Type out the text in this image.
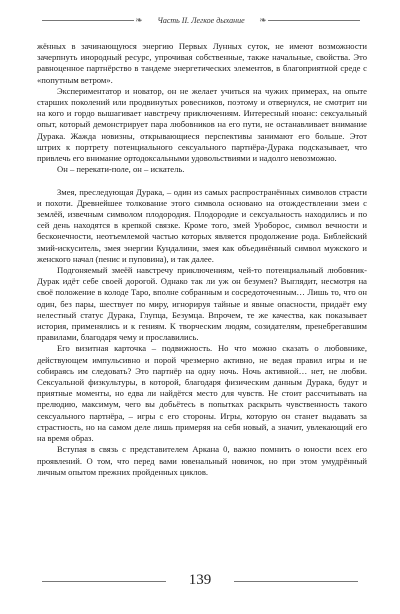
❧	Часть II. Легкое дыхание	❧

жённых в зачинающуюся энергию Первых Лунных суток, не имеют возможности зачерпнуть инородный ресурс, упрочивая собственные, также начальные, свойства. Это равноценное партнёрство в тандеме энергетических элементов, в благоприятной среде с «попутным ветром».

Экспериментатор и новатор, он не желает учиться на чужих примерах, на опыте старших поколений или продвинутых ровесников, поэтому и отвернулся, не смотрит ни на кого и гордо вышагивает навстречу приключениям. Интересный нюанс: сексуальный опыт, который демонстрирует пара любовников на его пути, не останавливает внимание Дурака. Жажда новизны, открывающиеся перспективы занимают его больше. Этот штрих к портрету потенциального сексуального партнёра-Дурака подсказывает, что привлечь его внимание ортодоксальными удовольствиями и надолго невозможно.

Он – перекати-поле, он – искатель.

Змея, преследующая Дурака, – один из самых распространённых символов страсти и похоти. Древнейшее толкование этого символа основано на отождествлении змеи с землёй, извечным символом плодородия. Плодородие и сексуальность находились и по сей день находятся в крепкой связке. Кроме того, змей Уроборос, символ вечности и бесконечности, неотъемлемой частью которых является продолжение рода. Библейский змий-искуситель, змея энергии Кундалини, змея как объединённый символ мужского и женского начал (пенис и пуповина), и так далее.

Подгоняемый змеёй навстречу приключениям, чей-то потенциальный любовник-Дурак идёт себе своей дорогой. Однако так ли уж он безумен? Выглядит, несмотря на своё положение в колоде Таро, вполне собранным и сосредоточенным… Лишь то, что он один, без пары, шествует по миру, игнорируя тайные и явные опасности, придаёт ему нелестный статус Дурака, Глупца, Безумца. Впрочем, те же качества, как показывает история, применялись и к гениям. К творческим людям, созидателям, пренебрегавшим правилами, благодаря чему и прославились.

Его визитная карточка – подвижность. Но что можно сказать о любовнике, действующем импульсивно и порой чрезмерно активно, не ведая правил игры и не собираясь им следовать? Это партнёр на одну ночь. Ночь активной… нет, не любви. Сексуальной физкультуры, в которой, благодаря физическим данным Дурака, будут и приятные моменты, но едва ли найдётся место для чувств. Не стоит рассчитывать на прелюдию, максимум, чего вы добьётесь в попытках раскрыть чувственность такого сексуального партнёра, – игры с его стороны. Игры, которую он станет выдавать за страстность, но на самом деле лишь примеряя на себя новый, а значит, увлекающий его на время образ.

Вступая в связь с представителем Аркана 0, важно помнить о юности всех его проявлений. О том, что перед вами ювенальный новичок, но при этом умудрённый личным опытом прежних пройденных циклов.

139
